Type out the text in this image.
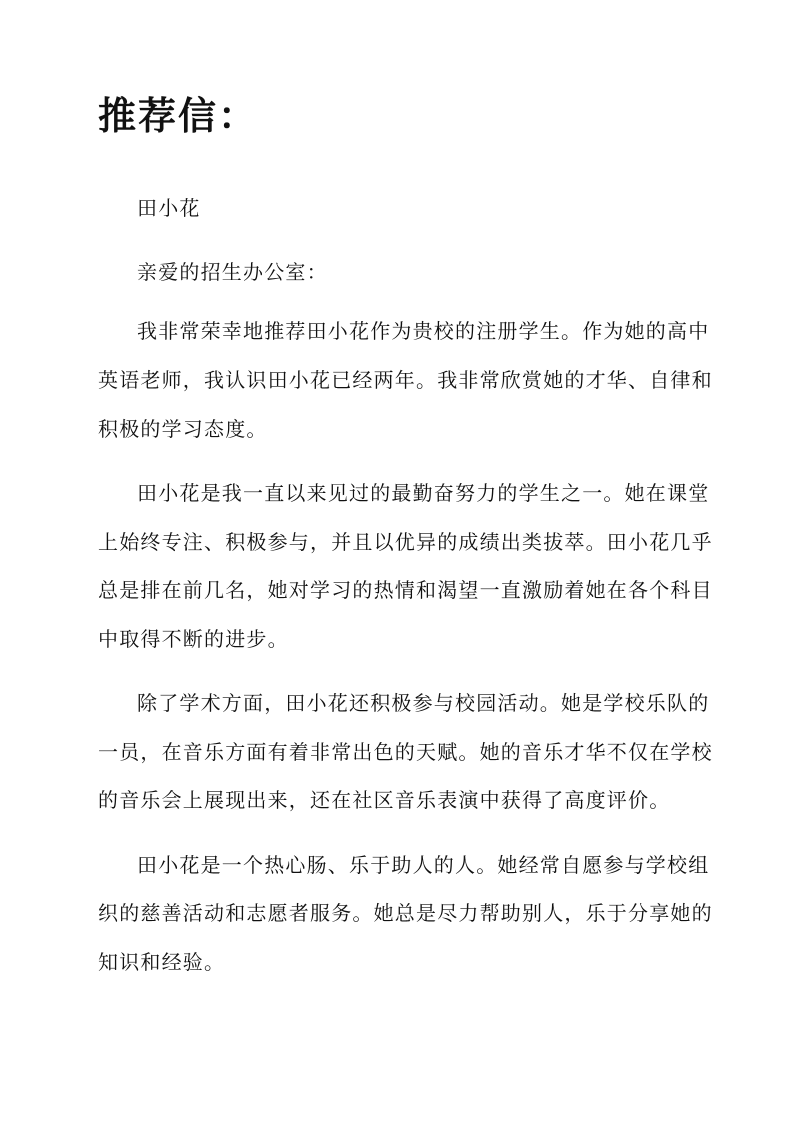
推荐信：

田小花

亲爱的招生办公室：

我非常荣幸地推荐田小花作为贵校的注册学生。作为她的高中

英语老师，我认识田小花已经两年。我非常欣赏她的才华、自律和

积极的学习态度。

田小花是我一直以来见过的最勤奋努力的学生之一。她在课堂

上始终专注、积极参与，并且以优异的成绩出类拔萃。田小花几乎

总是排在前几名，她对学习的热情和渴望一直激励着她在各个科目

中取得不断的进步。

除了学术方面，田小花还积极参与校园活动。她是学校乐队的

一员，在音乐方面有着非常出色的天赋。她的音乐才华不仅在学校

的音乐会上展现出来，还在社区音乐表演中获得了高度评价。

田小花是一个热心肠、乐于助人的人。她经常自愿参与学校组

织的慈善活动和志愿者服务。她总是尽力帮助别人，乐于分享她的

知识和经验。
